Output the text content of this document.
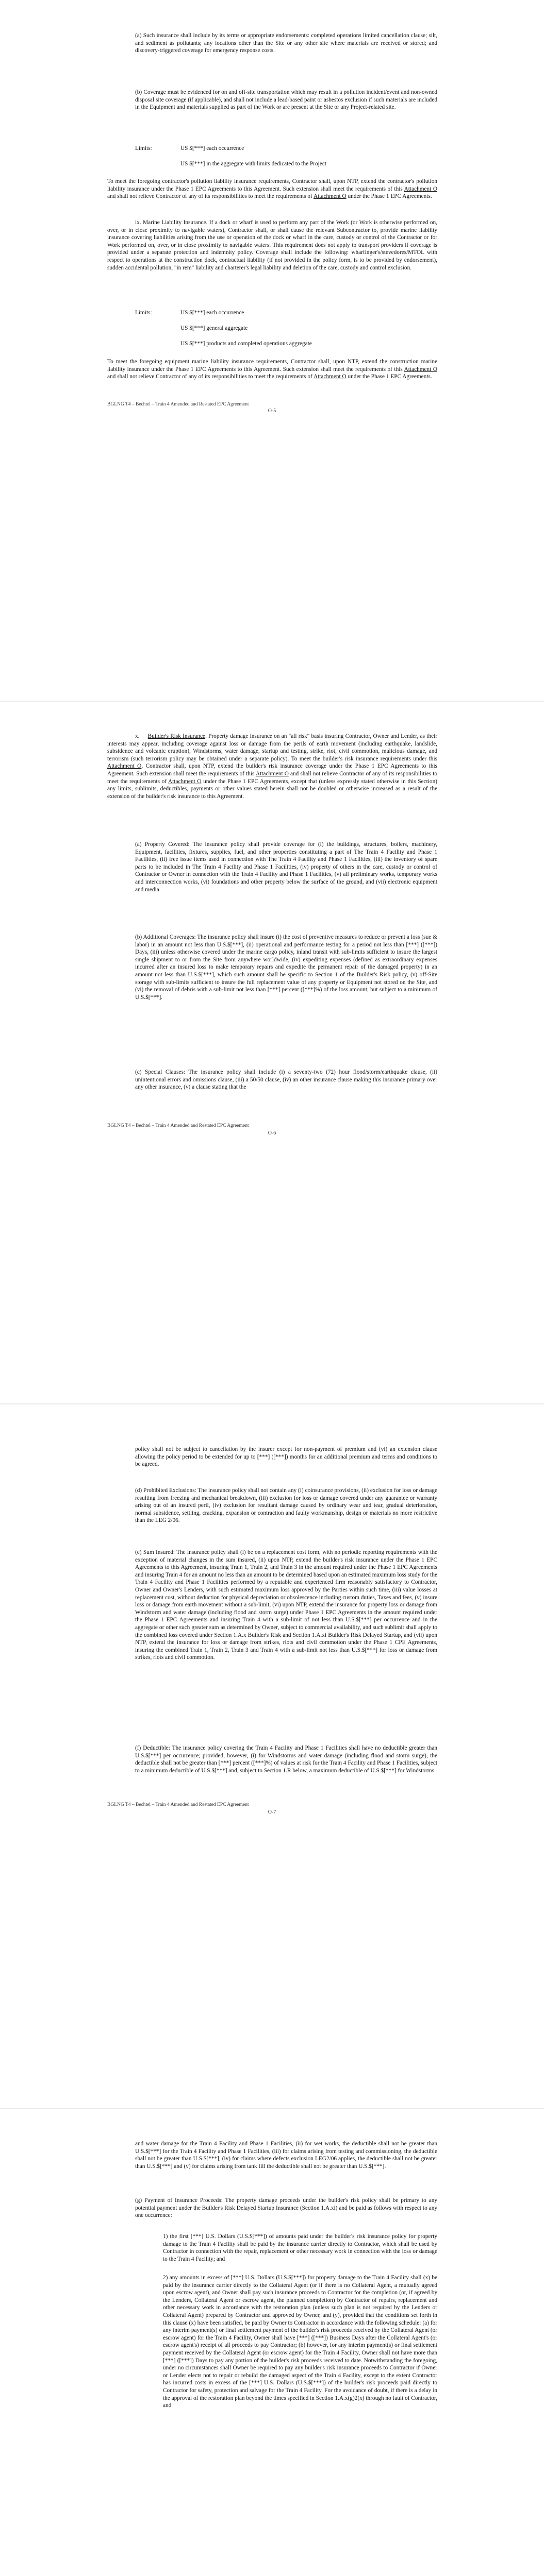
(a) Such insurance shall include by its terms or appropriate endorsements: completed operations limited cancellation clause; silt, and sediment as pollutants; any locations other than the Site or any other site where materials are received or stored; and discovery-triggered coverage for emergency response costs.

(b) Coverage must be evidenced for on and off-site transportation which may result in a pollution incident/event and non-owned disposal site coverage (if applicable), and shall not include a lead-based paint or asbestos exclusion if such materials are included in the Equipment and materials supplied as part of the Work or are present at the Site or any Project-related site.

Limits:	US $[***] each occurrence
US $[***] in the aggregate with limits dedicated to the Project

To meet the foregoing contractor's pollution liability insurance requirements, Contractor shall, upon NTP, extend the contractor's pollution liability insurance under the Phase 1 EPC Agreements to this Agreement. Such extension shall meet the requirements of this Attachment O and shall not relieve Contractor of any of its responsibilities to meet the requirements of Attachment O under the Phase 1 EPC Agreements.

ix. Marine Liability Insurance. If a dock or wharf is used to perform any part of the Work (or Work is otherwise performed on, over, or in close proximity to navigable waters), Contractor shall, or shall cause the relevant Subcontractor to, provide marine liability insurance covering liabilities arising from the use or operation of the dock or wharf in the care, custody or control of the Contractor or for Work performed on, over, or in close proximity to navigable waters. This requirement does not apply to transport providers if coverage is provided under a separate protection and indemnity policy. Coverage shall include the following: wharfinger's/stevedores/MTOL with respect to operations at the construction dock, contractual liability (if not provided in the policy form, is to be provided by endorsement), sudden accidental pollution, "in rem" liability and charterer's legal liability and deletion of the care, custody and control exclusion.

Limits:	US $[***] each occurrence
US $[***] general aggregate
US $[***] products and completed operations aggregate

To meet the foregoing equipment marine liability insurance requirements, Contractor shall, upon NTP, extend the construction marine liability insurance under the Phase 1 EPC Agreements to this Agreement. Such extension shall meet the requirements of this Attachment O and shall not relieve Contractor of any of its responsibilities to meet the requirements of Attachment O under the Phase 1 EPC Agreements.

BGLNG T4 – Bechtel – Train 4 Amended and Restated EPC Agreement
O-5

x.     Builder's Risk Insurance. Property damage insurance on an "all risk" basis insuring Contractor, Owner and Lender, as their interests may appear, including coverage against loss or damage from the perils of earth movement (including earthquake, landslide, subsidence and volcanic eruption), Windstorms, water damage, startup and testing, strike, riot, civil commotion, malicious damage, and terrorism (such terrorism policy may be obtained under a separate policy). To meet the builder's risk insurance requirements under this Attachment O, Contractor shall, upon NTP, extend the builder's risk insurance coverage under the Phase 1 EPC Agreements to this Agreement. Such extension shall meet the requirements of this Attachment O and shall not relieve Contractor of any of its responsibilities to meet the requirements of Attachment O under the Phase 1 EPC Agreements, except that (unless expressly stated otherwise in this Section) any limits, sublimits, deductibles, payments or other values stated herein shall not be doubled or otherwise increased as a result of the extension of the builder's risk insurance to this Agreement.

(a) Property Covered: The insurance policy shall provide coverage for (i) the buildings, structures, boilers, machinery, Equipment, facilities, fixtures, supplies, fuel, and other properties constituting a part of The Train 4 Facility and Phase 1 Facilities, (ii) free issue items used in connection with The Train 4 Facility and Phase 1 Facilities, (iii) the inventory of spare parts to be included in The Train 4 Facility and Phase 1 Facilities, (iv) property of others in the care, custody or control of Contractor or Owner in connection with the Train 4 Facility and Phase 1 Facilities, (v) all preliminary works, temporary works and interconnection works, (vi) foundations and other property below the surface of the ground, and (vii) electronic equipment and media.

(b) Additional Coverages: The insurance policy shall insure (i) the cost of preventive measures to reduce or prevent a loss (sue & labor) in an amount not less than U.S.$[***], (ii) operational and performance testing for a period not less than [***] ([***]) Days, (iii) unless otherwise covered under the marine cargo policy, inland transit with sub-limits sufficient to insure the largest single shipment to or from the Site from anywhere worldwide, (iv) expediting expenses (defined as extraordinary expenses incurred after an insured loss to make temporary repairs and expedite the permanent repair of the damaged property) in an amount not less than U.S.$[***], which such amount shall be specific to Section 1 of the Builder's Risk policy, (v) off-Site storage with sub-limits sufficient to insure the full replacement value of any property or Equipment not stored on the Site, and (vi) the removal of debris with a sub-limit not less than [***] percent ([***]%) of the loss amount, but subject to a minimum of U.S.$[***].

(c) Special Clauses: The insurance policy shall include (i) a seventy-two (72) hour flood/storm/earthquake clause, (ii) unintentional errors and omissions clause, (iii) a 50/50 clause, (iv) an other insurance clause making this insurance primary over any other insurance, (v) a clause stating that the

BGLNG T4 – Bechtel – Train 4 Amended and Restated EPC Agreement
O-6

policy shall not be subject to cancellation by the insurer except for non-payment of premium and (vi) an extension clause allowing the policy period to be extended for up to [***] ([***]) months for an additional premium and terms and conditions to be agreed.

(d) Prohibited Exclusions: The insurance policy shall not contain any (i) coinsurance provisions, (ii) exclusion for loss or damage resulting from freezing and mechanical breakdown, (iii) exclusion for loss or damage covered under any guarantee or warranty arising out of an insured peril, (iv) exclusion for resultant damage caused by ordinary wear and tear, gradual deterioration, normal subsidence, settling, cracking, expansion or contraction and faulty workmanship, design or materials no more restrictive than the LEG 2/06.

(e) Sum Insured: The insurance policy shall (i) be on a replacement cost form, with no periodic reporting requirements with the exception of material changes in the sum insured, (ii) upon NTP, extend the builder's risk insurance under the Phase 1 EPC Agreements to this Agreement, insuring Train 1, Train 2, and Train 3 in the amount required under the Phase 1 EPC Agreements and insuring Train 4 for an amount no less than an amount to be determined based upon an estimated maximum loss study for the Train 4 Facility and Phase 1 Facilities performed by a reputable and experienced firm reasonably satisfactory to Contractor, Owner and Owner's Lenders, with such estimated maximum loss approved by the Parties within such time, (iii) value losses at replacement cost, without deduction for physical depreciation or obsolescence including custom duties, Taxes and fees, (v) insure loss or damage from earth movement without a sub-limit, (vi) upon NTP, extend the insurance for property loss or damage from Windstorm and water damage (including flood and storm surge) under Phase 1 EPC Agreements in the amount required under the Phase 1 EPC Agreements and insuring Train 4 with a sub-limit of not less than U.S.$[***] per occurrence and in the aggregate or other such greater sum as determined by Owner, subject to commercial availability, and such sublimit shall apply to the combined loss covered under Section 1.A.x Builder's Risk and Section 1.A.xi Builder's Risk Delayed Startup, and (vii) upon NTP, extend the insurance for loss or damage from strikes, riots and civil commotion under the Phase 1 CPE Agreements, insuring the combined Train 1, Train 2, Train 3 and Train 4 with a sub-limit not less than U.S.$[***] for loss or damage from strikes, riots and civil commotion.

(f) Deductible: The insurance policy covering the Train 4 Facility and Phase 1 Facilities shall have no deductible greater than U.S.$[***] per occurrence; provided, however, (i) for Windstorms and water damage (including flood and storm surge), the deductible shall not be greater than [***] percent ([***]%) of values at risk for the Train 4 Facility and Phase 1 Facilities, subject to a minimum deductible of U.S.$[***] and, subject to Section 1.R below, a maximum deductible of U.S.$[***] for Windstorms

BGLNG T4 – Bechtel – Train 4 Amended and Restated EPC Agreement
O-7

and water damage for the Train 4 Facility and Phase 1 Facilities, (ii) for wet works, the deductible shall not be greater than U.S.$[***] for the Train 4 Facility and Phase 1 Facilities, (iii) for claims arising from testing and commissioning, the deductible shall not be greater than U.S.$[***], (iv) for claims where defects exclusion LEG2/06 applies, the deductible shall not be greater than U.S.$[***] and (v) for claims arising from tank fill the deductible shall not be greater than U.S.$[***].

(g) Payment of Insurance Proceeds: The property damage proceeds under the builder's risk policy shall be primary to any potential payment under the Builder's Risk Delayed Startup Insurance (Section 1.A.xi) and be paid as follows with respect to any one occurrence:

1) the first [***] U.S. Dollars (U.S.$[***]) of amounts paid under the builder's risk insurance policy for property damage to the Train 4 Facility shall be paid by the insurance carrier directly to Contractor, which shall be used by Contractor in connection with the repair, replacement or other necessary work in connection with the loss or damage to the Train 4 Facility; and

2) any amounts in excess of [***] U.S. Dollars (U.S.$[***]) for property damage to the Train 4 Facility shall (x) be paid by the insurance carrier directly to the Collateral Agent (or if there is no Collateral Agent, a mutually agreed upon escrow agent), and Owner shall pay such insurance proceeds to Contractor for the completion (or, if agreed by the Lenders, Collateral Agent or escrow agent, the planned completion) by Contractor of repairs, replacement and other necessary work in accordance with the restoration plan (unless such plan is not required by the Lenders or Collateral Agent) prepared by Contractor and approved by Owner, and (y), provided that the conditions set forth in this clause (x) have been satisfied, be paid by Owner to Contractor in accordance with the following schedule: (a) for any interim payment(s) or final settlement payment of the builder's risk proceeds received by the Collateral Agent (or escrow agent) for the Train 4 Facility, Owner shall have [***] ([***]) Business Days after the Collateral Agent's (or escrow agent's) receipt of all proceeds to pay Contractor; (b) however, for any interim payment(s) or final settlement payment received by the Collateral Agent (or escrow agent) for the Train 4 Facility, Owner shall not have more than [***] ([***]) Days to pay any portion of the builder's risk proceeds received to date. Notwithstanding the foregoing, under no circumstances shall Owner be required to pay any builder's risk insurance proceeds to Contractor if Owner or Lender elects not to repair or rebuild the damaged aspect of the Train 4 Facility, except to the extent Contractor has incurred costs in excess of the [***] U.S. Dollars (U.S.$[***]) of the builder's risk proceeds paid directly to Contractor for safety, protection and salvage for the Train 4 Facility. For the avoidance of doubt, if there is a delay in the approval of the restoration plan beyond the times specified in Section 1.A.x(g)2(x) through no fault of Contractor, and
